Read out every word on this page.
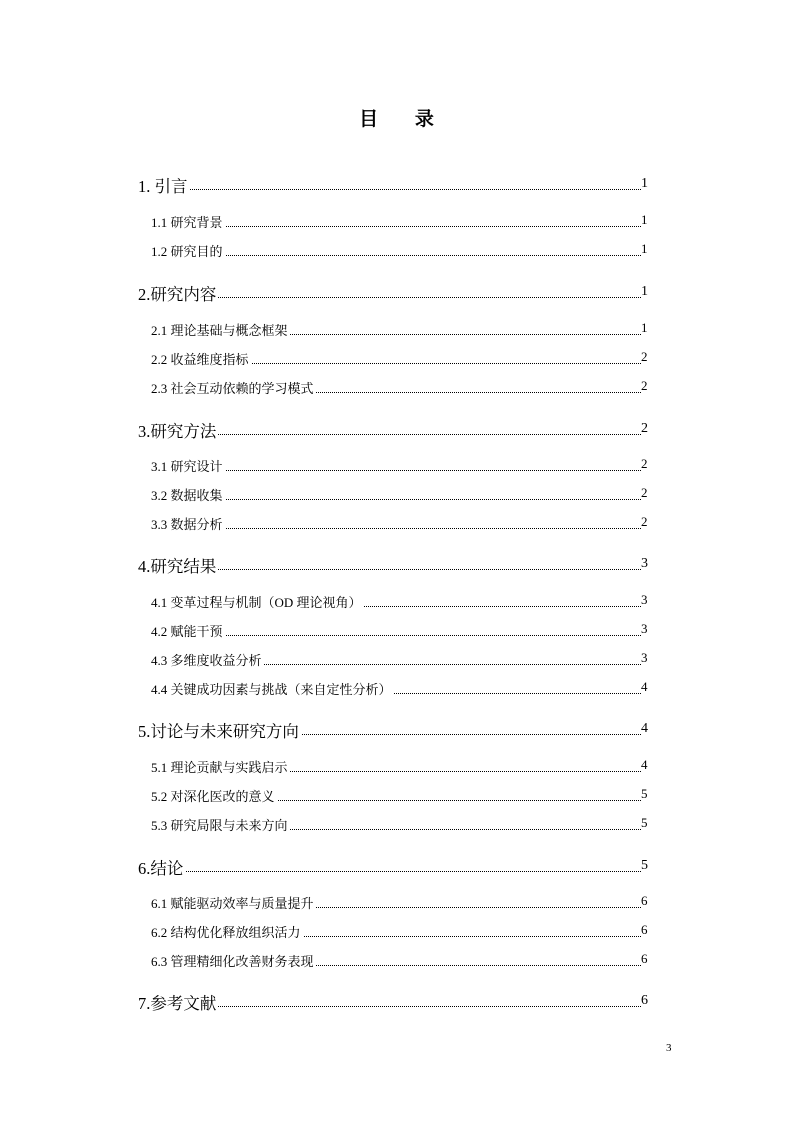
目 录
1. 引言	1
1.1 研究背景	1
1.2 研究目的	1
2.研究内容	1
2.1 理论基础与概念框架	1
2.2 收益维度指标	2
2.3 社会互动依赖的学习模式	2
3.研究方法	2
3.1 研究设计	2
3.2 数据收集	2
3.3 数据分析	2
4.研究结果	3
4.1 变革过程与机制（OD 理论视角）	3
4.2 赋能干预	3
4.3 多维度收益分析	3
4.4 关键成功因素与挑战（来自定性分析）	4
5.讨论与未来研究方向	4
5.1 理论贡献与实践启示	4
5.2 对深化医改的意义	5
5.3 研究局限与未来方向	5
6.结论	5
6.1 赋能驱动效率与质量提升	6
6.2 结构优化释放组织活力	6
6.3 管理精细化改善财务表现	6
7.参考文献	6
3
